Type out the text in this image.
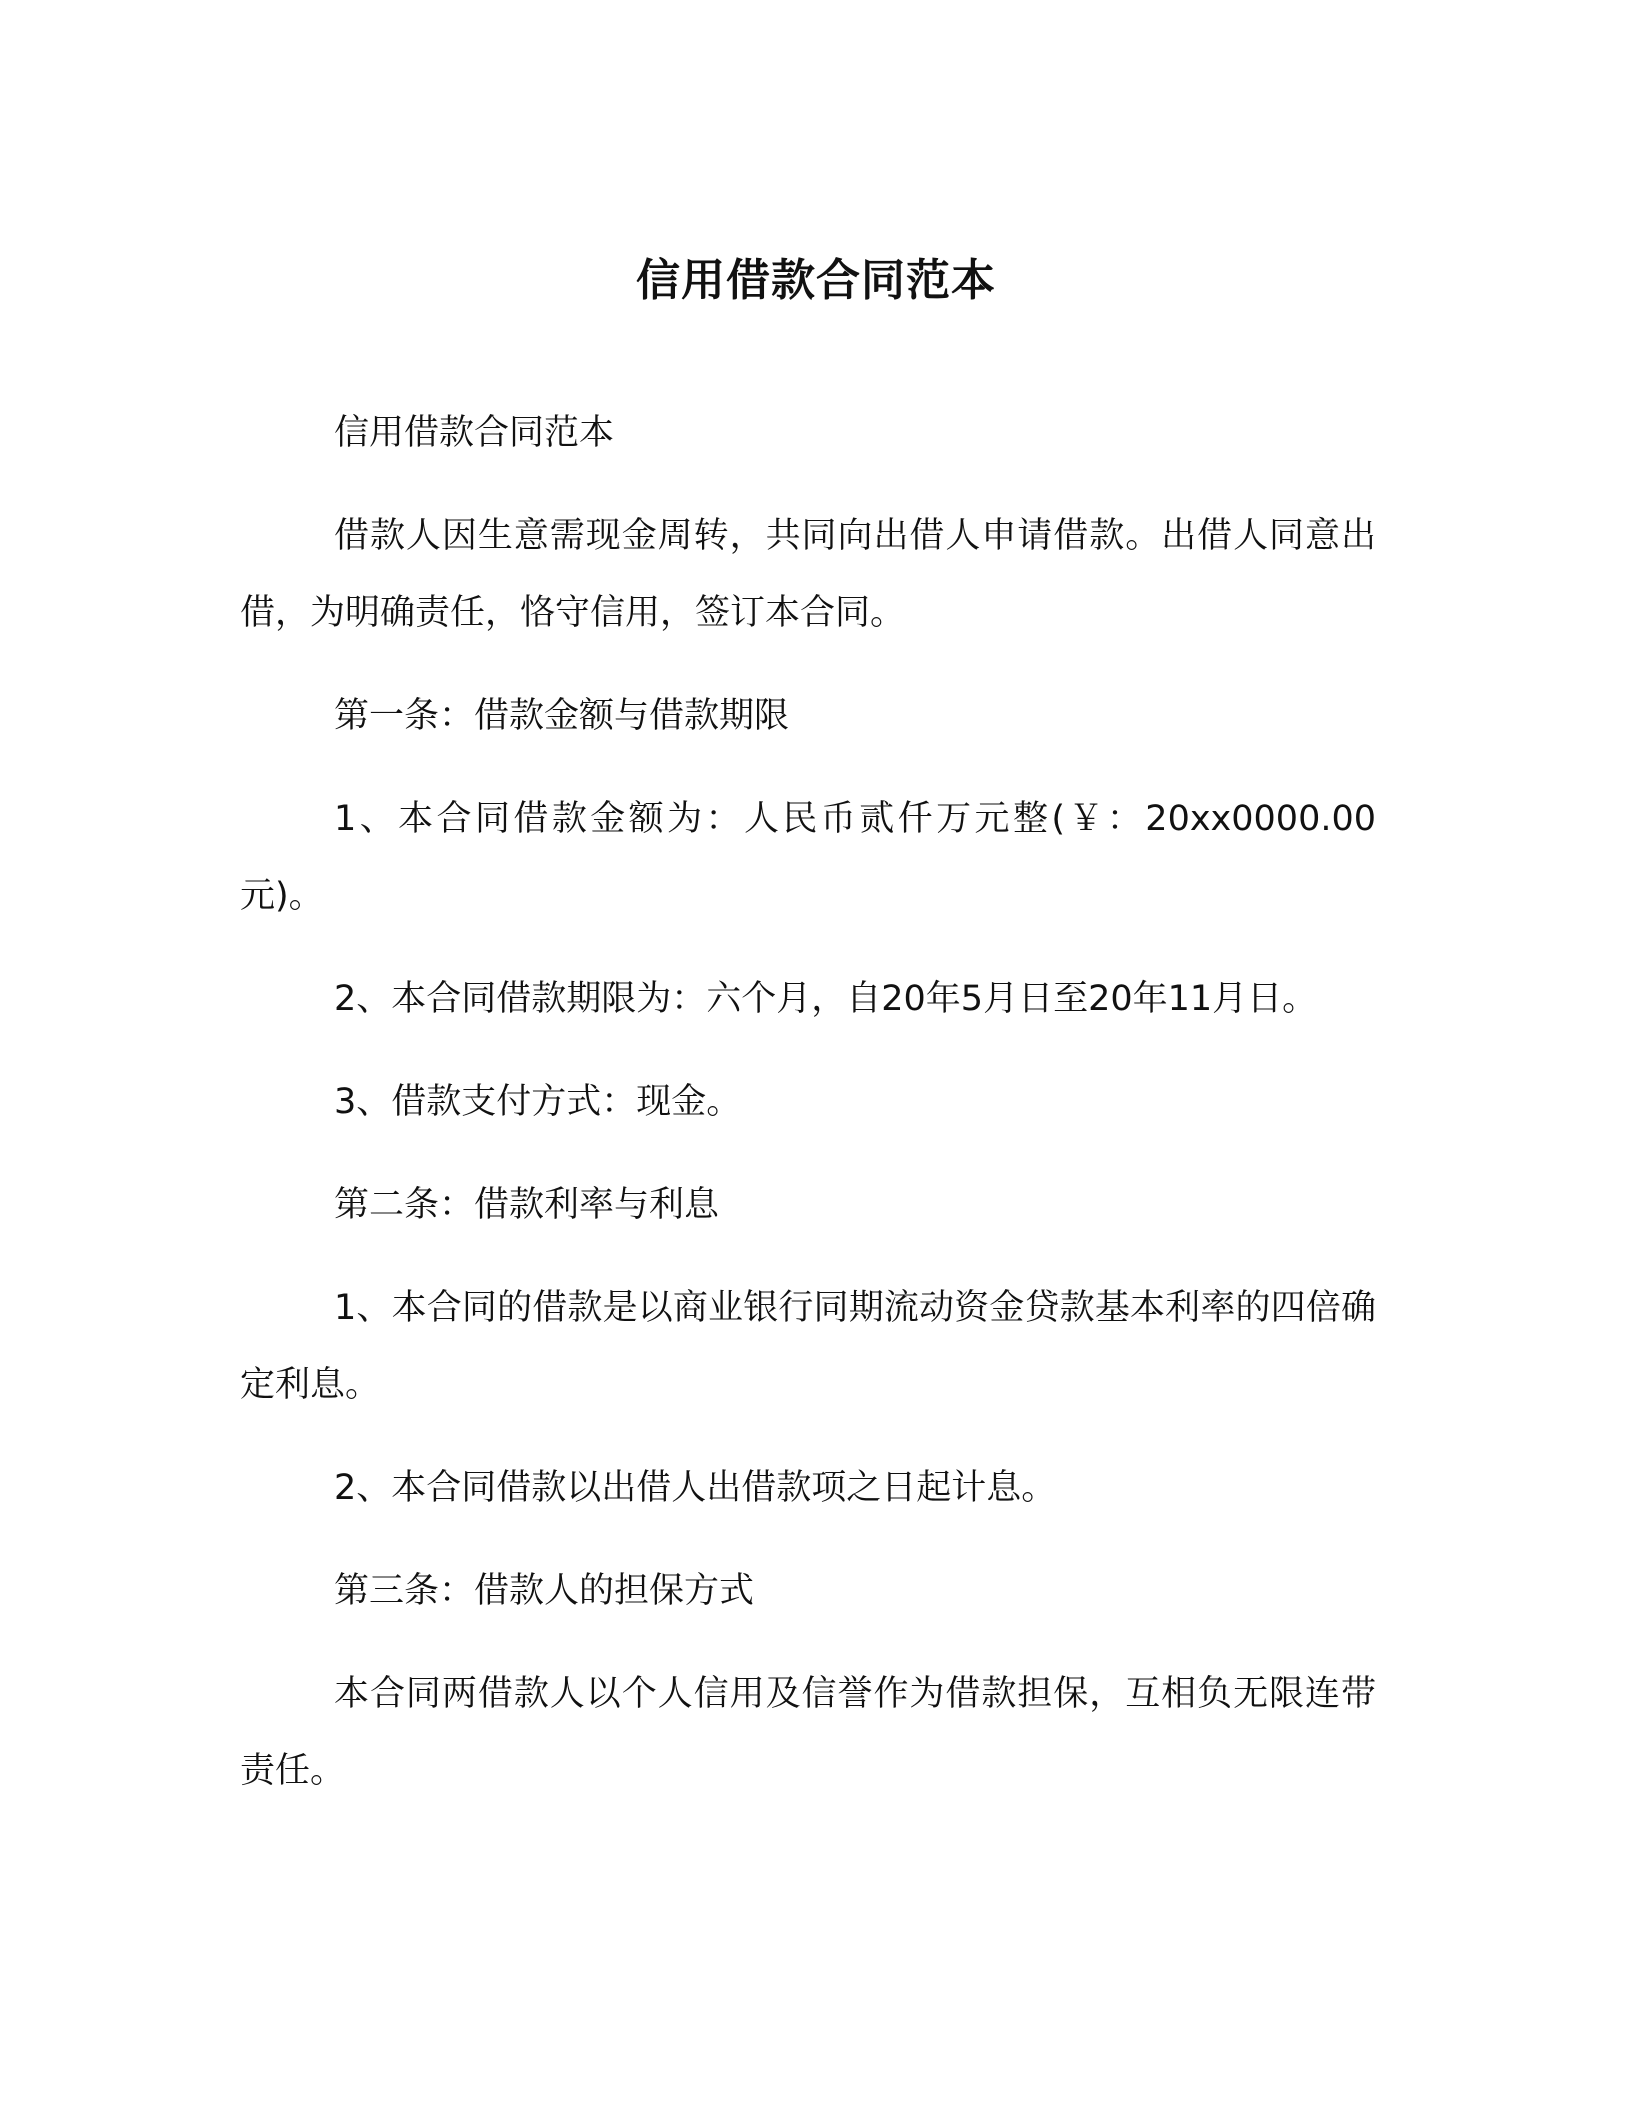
信用借款合同范本

信用借款合同范本

借款人因生意需现金周转，共同向出借人申请借款。出借人同意出借，为明确责任，恪守信用，签订本合同。

第一条：借款金额与借款期限

1、本合同借款金额为：人民币贰仟万元整(￥：20xx0000.00元)。

2、本合同借款期限为：六个月，自20年5月日至20年11月日。

3、借款支付方式：现金。

第二条：借款利率与利息

1、本合同的借款是以商业银行同期流动资金贷款基本利率的四倍确定利息。

2、本合同借款以出借人出借款项之日起计息。

第三条：借款人的担保方式

本合同两借款人以个人信用及信誉作为借款担保，互相负无限连带责任。
